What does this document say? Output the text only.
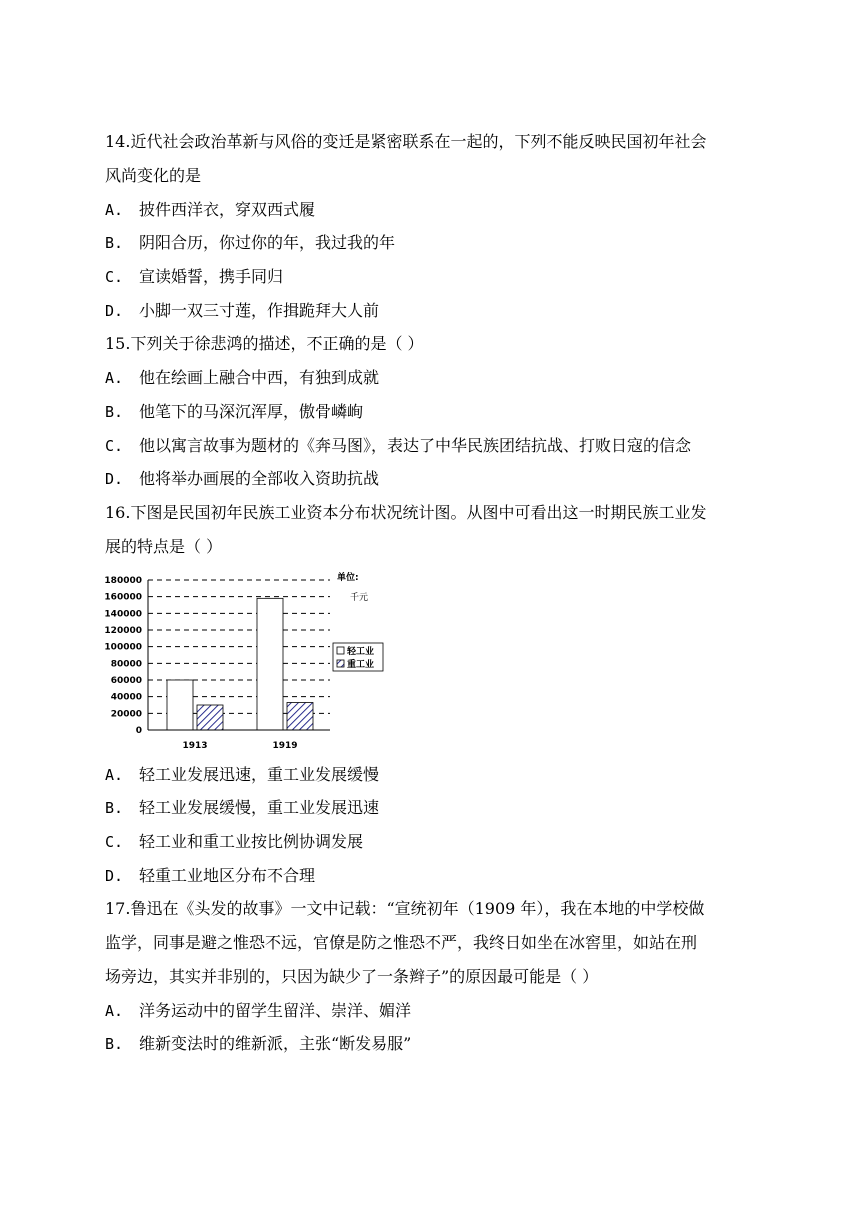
14.近代社会政治革新与风俗的变迁是紧密联系在一起的，下列不能反映民国初年社会
风尚变化的是
A. 披件西洋衣，穿双西式履
B. 阴阳合历，你过你的年，我过我的年
C. 宣读婚誓，携手同归
D. 小脚一双三寸莲，作揖跪拜大人前
15.下列关于徐悲鸿的描述，不正确的是（ ）
A. 他在绘画上融合中西，有独到成就
B. 他笔下的马深沉浑厚，傲骨嶙峋
C. 他以寓言故事为题材的《奔马图》，表达了中华民族团结抗战、打败日寇的信念
D. 他将举办画展的全部收入资助抗战
16.下图是民国初年民族工业资本分布状况统计图。从图中可看出这一时期民族工业发
展的特点是（ ）
0
20000
40000
60000
80000
100000
120000
140000
160000
180000
1913	1919
单位:
千元
轻工业
重工业
A. 轻工业发展迅速，重工业发展缓慢
B. 轻工业发展缓慢，重工业发展迅速
C. 轻工业和重工业按比例协调发展
D. 轻重工业地区分布不合理
17.鲁迅在《头发的故事》一文中记载：“宣统初年（1909 年），我在本地的中学校做
监学，同事是避之惟恐不远，官僚是防之惟恐不严，我终日如坐在冰窖里，如站在刑
场旁边，其实并非别的，只因为缺少了一条辫子”的原因最可能是（ ）
A. 洋务运动中的留学生留洋、崇洋、媚洋
B. 维新变法时的维新派，主张“断发易服”
